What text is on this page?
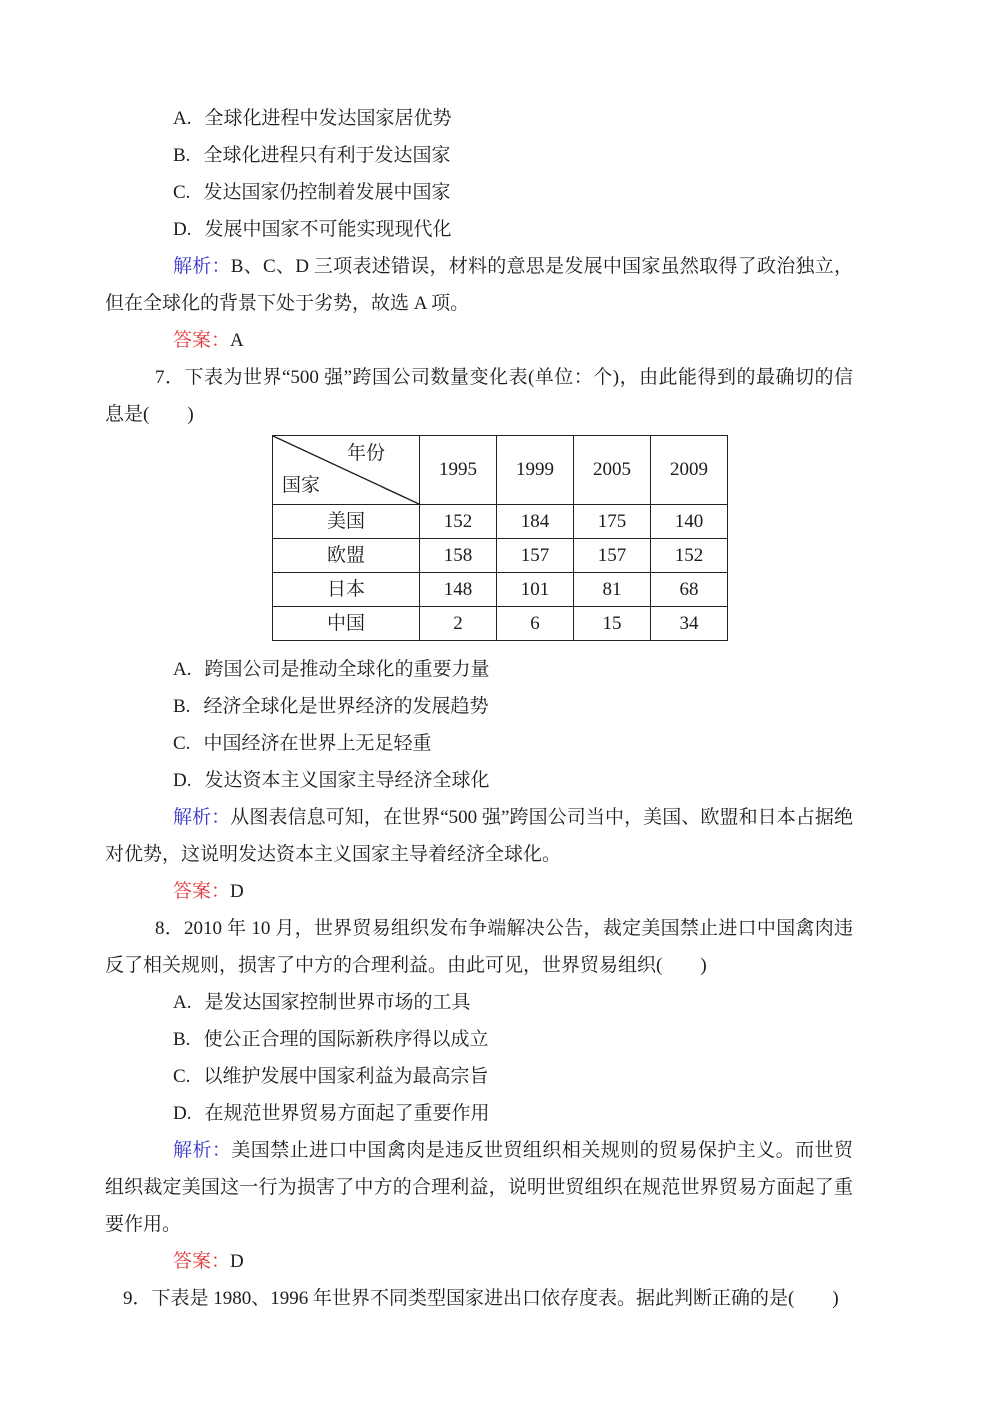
A. 全球化进程中发达国家居优势
B. 全球化进程只有利于发达国家
C. 发达国家仍控制着发展中国家
D. 发展中国家不可能实现现代化

解析：B、C、D 三项表述错误，材料的意思是发展中国家虽然取得了政治独立，但在全球化的背景下处于劣势，故选 A 项。

答案：A

7．下表为世界“500 强”跨国公司数量变化表(单位：个)，由此能得到的最确切的信息是(　　)

年份
国家	1995	1999	2005	2009
美国	152	184	175	140
欧盟	158	157	157	152
日本	148	101	81	68
中国	2	6	15	34
A. 跨国公司是推动全球化的重要力量
B. 经济全球化是世界经济的发展趋势
C. 中国经济在世界上无足轻重
D. 发达资本主义国家主导经济全球化

解析：从图表信息可知，在世界“500 强”跨国公司当中，美国、欧盟和日本占据绝对优势，这说明发达资本主义国家主导着经济全球化。

答案：D

8．2010 年 10 月，世界贸易组织发布争端解决公告，裁定美国禁止进口中国禽肉违反了相关规则，损害了中方的合理利益。由此可见，世界贸易组织(　　)

A. 是发达国家控制世界市场的工具
B. 使公正合理的国际新秩序得以成立
C. 以维护发展中国家利益为最高宗旨
D. 在规范世界贸易方面起了重要作用

解析：美国禁止进口中国禽肉是违反世贸组织相关规则的贸易保护主义。而世贸组织裁定美国这一行为损害了中方的合理利益，说明世贸组织在规范世界贸易方面起了重要作用。

答案：D

9．下表是 1980、1996 年世界不同类型国家进出口依存度表。据此判断正确的是(　　)
